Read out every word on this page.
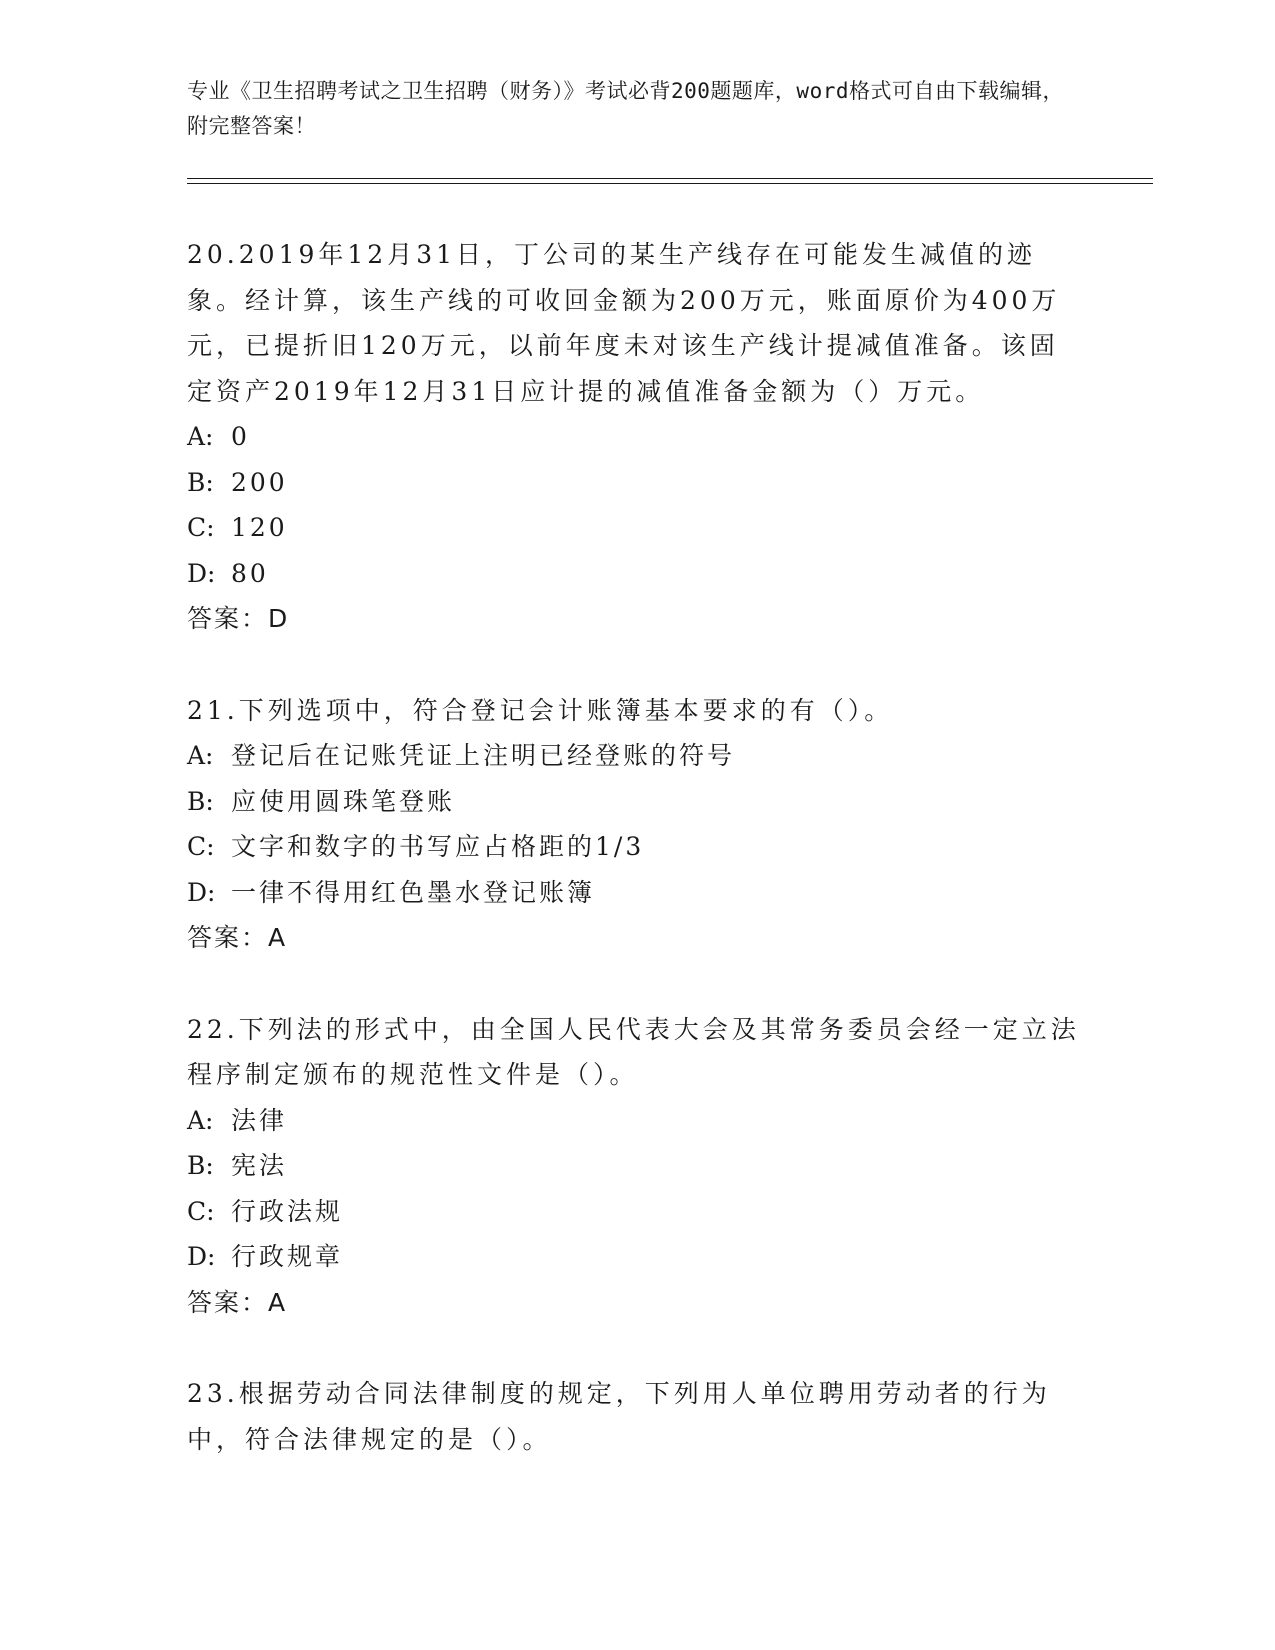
专业《卫生招聘考试之卫生招聘（财务）》考试必背200题题库，word格式可自由下载编辑，附完整答案！

20.2019年12月31日，丁公司的某生产线存在可能发生减值的迹象。经计算，该生产线的可收回金额为200万元，账面原价为400万元，已提折旧120万元，以前年度未对该生产线计提减值准备。该固定资产2019年12月31日应计提的减值准备金额为（）万元。

A: 0

B: 200

C: 120

D: 80

答案：D

21.下列选项中，符合登记会计账簿基本要求的有（）。

A: 登记后在记账凭证上注明已经登账的符号

B: 应使用圆珠笔登账

C: 文字和数字的书写应占格距的1/3

D: 一律不得用红色墨水登记账簿

答案：A

22.下列法的形式中，由全国人民代表大会及其常务委员会经一定立法程序制定颁布的规范性文件是（）。

A: 法律

B: 宪法

C: 行政法规

D: 行政规章

答案：A

23.根据劳动合同法律制度的规定，下列用人单位聘用劳动者的行为中，符合法律规定的是（）。
